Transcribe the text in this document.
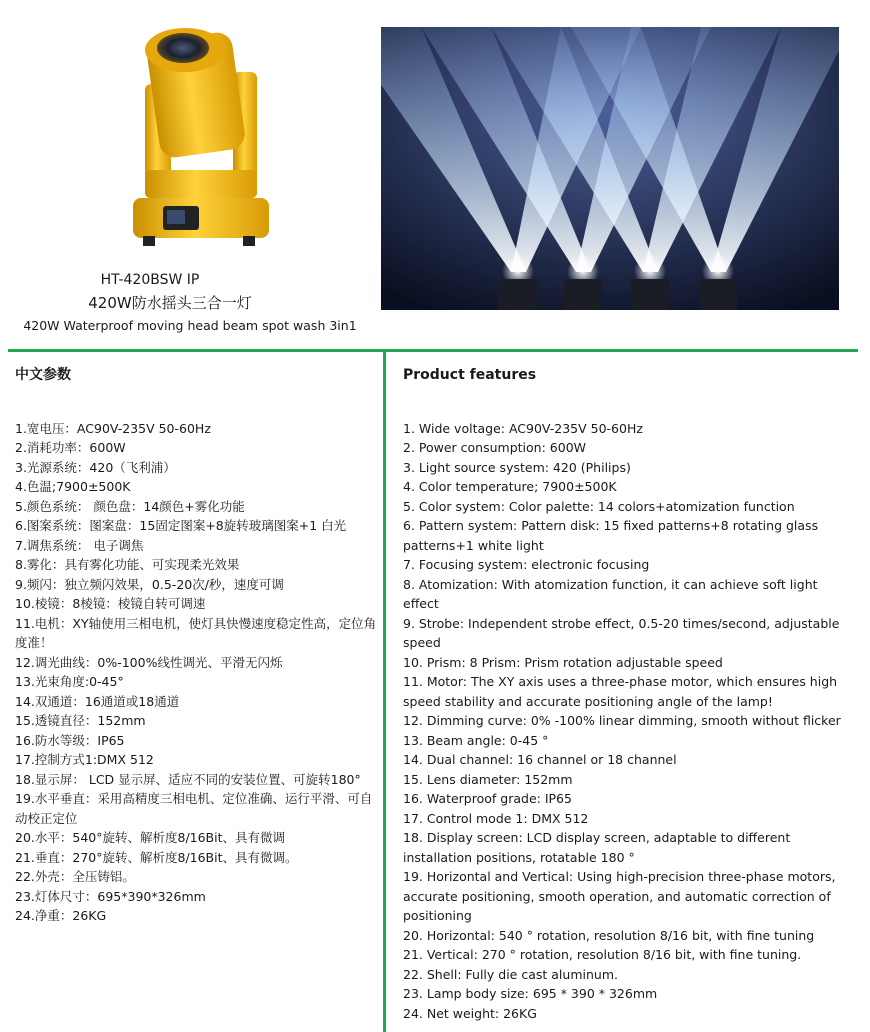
HT-420BSW IP
420W防水摇头三合一灯
420W Waterproof moving head beam spot wash 3in1

中文参数

1.宽电压：AC90V-235V 50-60Hz

2.消耗功率：600W

3.光源系统：420（飞利浦）

4.色温;7900±500K

5.颜色系统： 颜色盘：14颜色+雾化功能

6.图案系统：图案盘：15固定图案+8旋转玻璃图案+1 白光

7.调焦系统： 电子调焦

8.雾化：具有雾化功能、可实现柔光效果

9.频闪：独立频闪效果，0.5-20次/秒，速度可调

10.棱镜：8棱镜：棱镜自转可调速

11.电机：XY轴使用三相电机，使灯具快慢速度稳定性高，定位角度准！

12.调光曲线：0%-100%线性调光、平滑无闪烁

13.光束角度:0-45°

14.双通道：16通道或18通道

15.透镜直径：152mm

16.防水等级：IP65

17.控制方式1:DMX 512

18.显示屏： LCD 显示屏、适应不同的安装位置、可旋转180°

19.水平垂直：采用高精度三相电机、定位准确、运行平滑、可自动校正定位

20.水平：540°旋转、解析度8/16Bit、具有微调

21.垂直：270°旋转、解析度8/16Bit、具有微调。

22.外壳：全压铸铝。

23.灯体尺寸：695*390*326mm

24.净重：26KG

Product features

1. Wide voltage: AC90V-235V 50-60Hz

2. Power consumption: 600W

3. Light source system: 420 (Philips)

4. Color temperature; 7900±500K

5. Color system: Color palette: 14 colors+atomization function

6. Pattern system: Pattern disk: 15 fixed patterns+8 rotating glass patterns+1 white light

7. Focusing system: electronic focusing

8. Atomization: With atomization function, it can achieve soft light effect

9. Strobe: Independent strobe effect, 0.5-20 times/second, adjustable speed

10. Prism: 8 Prism: Prism rotation adjustable speed

11. Motor: The XY axis uses a three-phase motor, which ensures high speed stability and accurate positioning angle of the lamp!

12. Dimming curve: 0% -100% linear dimming, smooth without flicker

13. Beam angle: 0-45 °

14. Dual channel: 16 channel or 18 channel

15. Lens diameter: 152mm

16. Waterproof grade: IP65

17. Control mode 1: DMX 512

18. Display screen: LCD display screen, adaptable to different installation positions, rotatable 180 °

19. Horizontal and Vertical: Using high-precision three-phase motors, accurate positioning, smooth operation, and automatic correction of positioning

20. Horizontal: 540 ° rotation, resolution 8/16 bit, with fine tuning

21. Vertical: 270 ° rotation, resolution 8/16 bit, with fine tuning.

22. Shell: Fully die cast aluminum.

23. Lamp body size: 695 * 390 * 326mm

24. Net weight: 26KG
